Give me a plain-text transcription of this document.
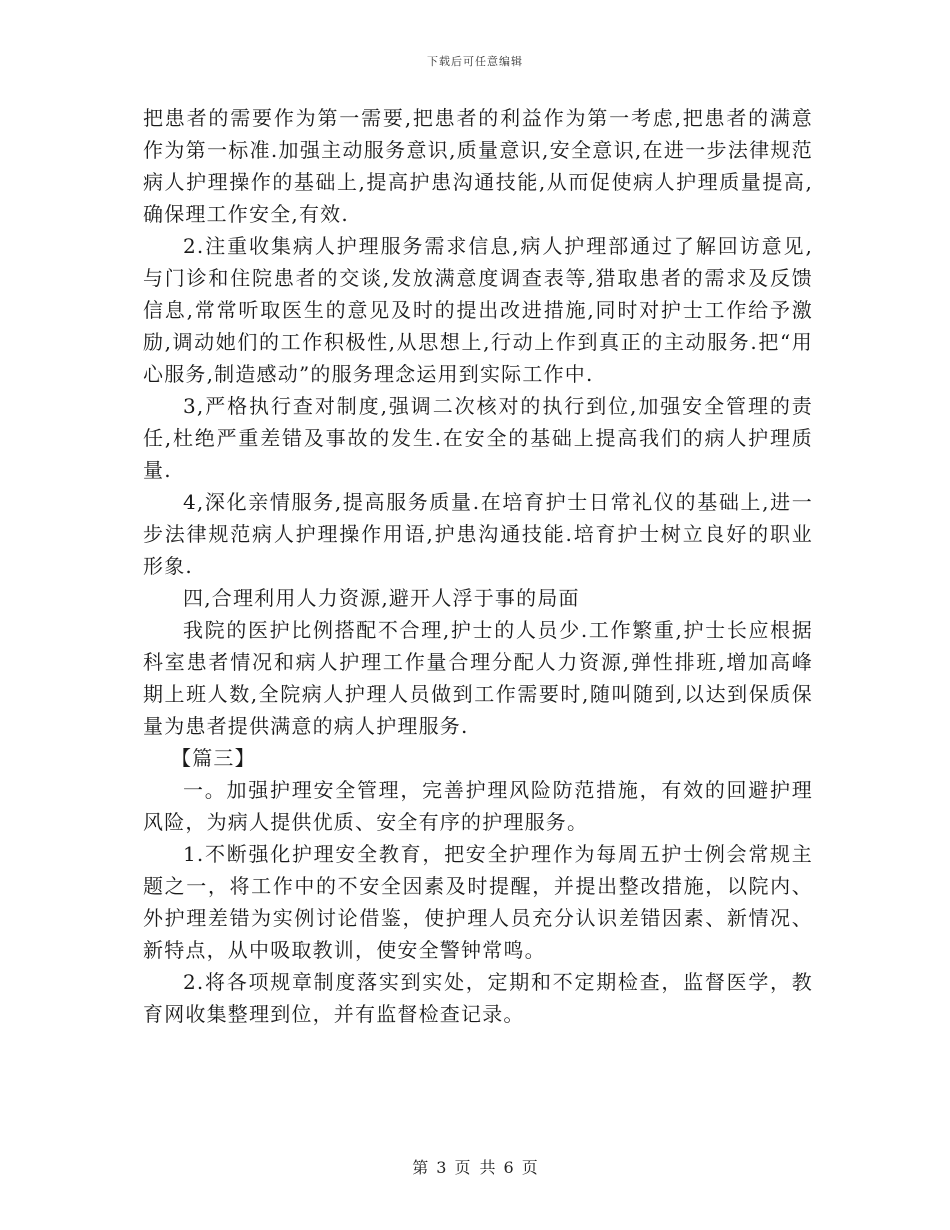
下载后可任意编辑

把患者的需要作为第一需要,把患者的利益作为第一考虑,把患者的满意作为第一标准.加强主动服务意识,质量意识,安全意识,在进一步法律规范病人护理操作的基础上,提高护患沟通技能,从而促使病人护理质量提高,确保理工作安全,有效.

2.注重收集病人护理服务需求信息,病人护理部通过了解回访意见,与门诊和住院患者的交谈,发放满意度调查表等,猎取患者的需求及反馈信息,常常听取医生的意见及时的提出改进措施,同时对护士工作给予激励,调动她们的工作积极性,从思想上,行动上作到真正的主动服务.把“用心服务,制造感动”的服务理念运用到实际工作中.

3,严格执行查对制度,强调二次核对的执行到位,加强安全管理的责任,杜绝严重差错及事故的发生.在安全的基础上提高我们的病人护理质量.

4,深化亲情服务,提高服务质量.在培育护士日常礼仪的基础上,进一步法律规范病人护理操作用语,护患沟通技能.培育护士树立良好的职业形象.

四,合理利用人力资源,避开人浮于事的局面

我院的医护比例搭配不合理,护士的人员少.工作繁重,护士长应根据科室患者情况和病人护理工作量合理分配人力资源,弹性排班,增加高峰期上班人数,全院病人护理人员做到工作需要时,随叫随到,以达到保质保量为患者提供满意的病人护理服务.

【篇三】

一。加强护理安全管理，完善护理风险防范措施，有效的回避护理风险，为病人提供优质、安全有序的护理服务。

1.不断强化护理安全教育，把安全护理作为每周五护士例会常规主题之一，将工作中的不安全因素及时提醒，并提出整改措施，以院内、外护理差错为实例讨论借鉴，使护理人员充分认识差错因素、新情况、新特点，从中吸取教训，使安全警钟常鸣。

2.将各项规章制度落实到实处，定期和不定期检查，监督医学，教育网收集整理到位，并有监督检查记录。

第 3 页 共 6 页
